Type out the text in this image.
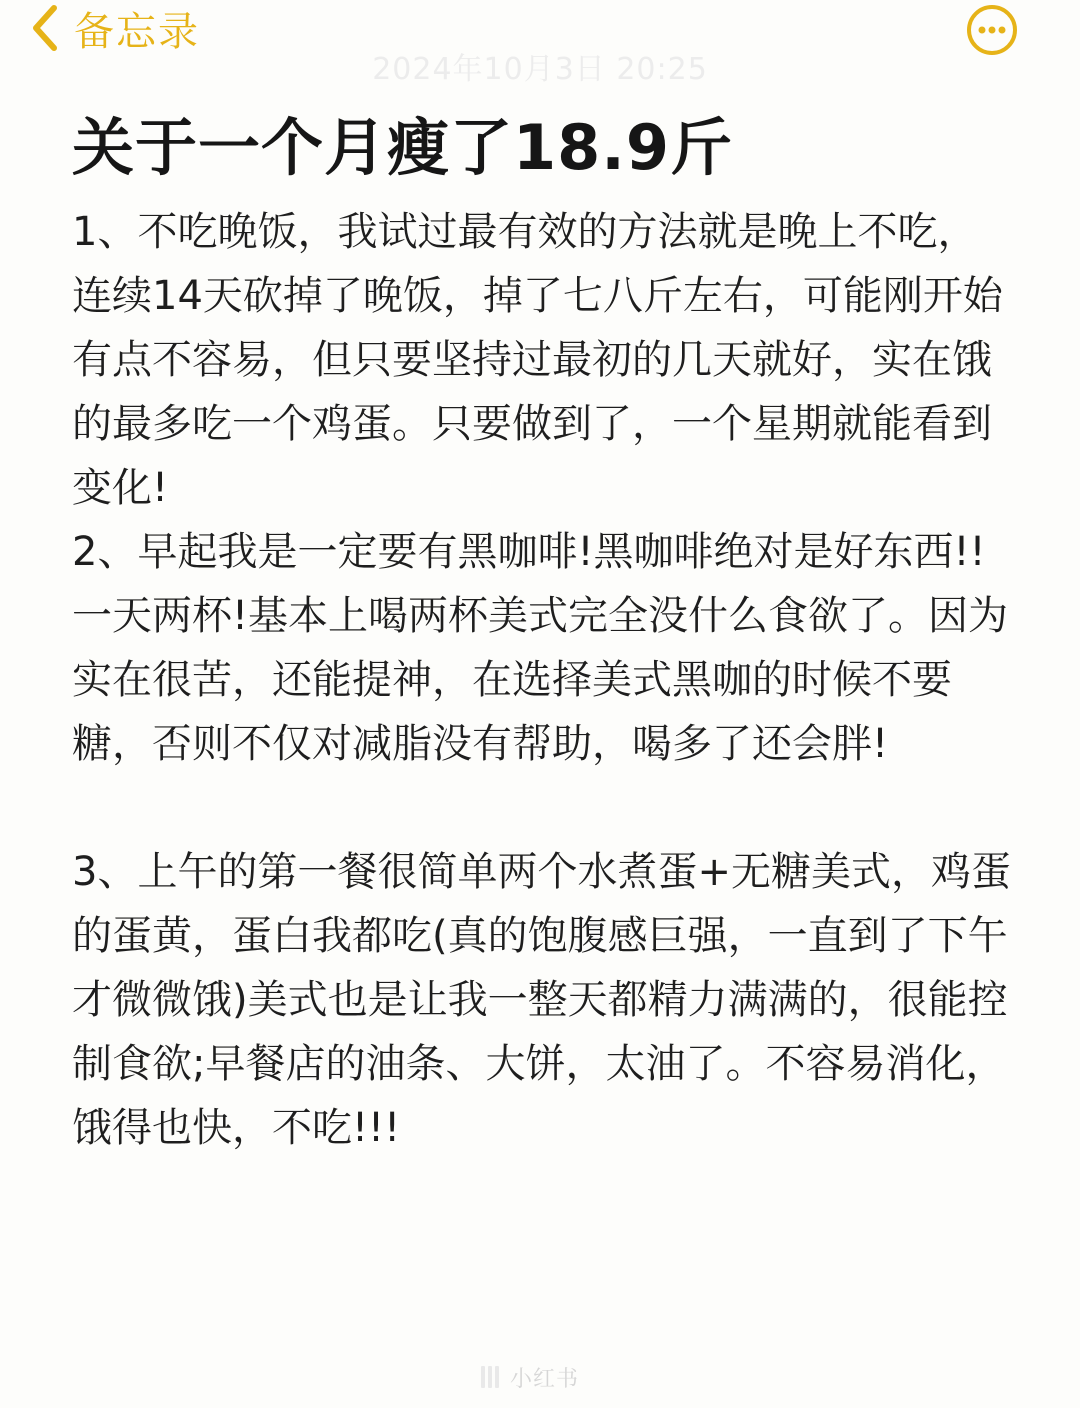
备忘录
2024年10月3日 20:25
关于一个月瘦了18.9斤

1、不吃晚饭，我试过最有效的方法就是晚上不吃，连续14天砍掉了晚饭，掉了七八斤左右，可能刚开始有点不容易，但只要坚持过最初的几天就好，实在饿的最多吃一个鸡蛋。只要做到了，一个星期就能看到变化!

2、早起我是一定要有黑咖啡!黑咖啡绝对是好东西!!一天两杯!基本上喝两杯美式完全没什么食欲了。因为实在很苦，还能提神，在选择美式黑咖的时候不要糖，否则不仅对减脂没有帮助，喝多了还会胖!

3、上午的第一餐很简单两个水煮蛋+无糖美式，鸡蛋的蛋黄，蛋白我都吃(真的饱腹感巨强，一直到了下午才微微饿)美式也是让我一整天都精力满满的，很能控制食欲;早餐店的油条、大饼，太油了。不容易消化，饿得也快，不吃!!!

小红书
